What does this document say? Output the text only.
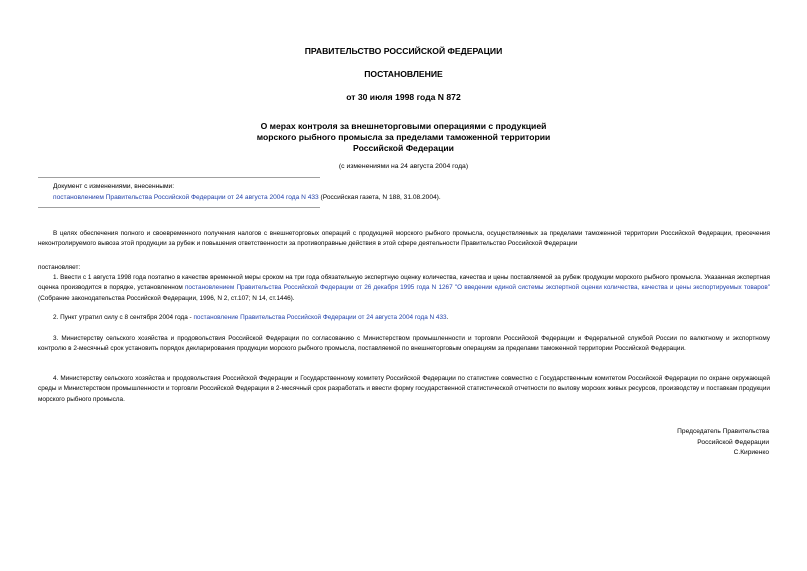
ПРАВИТЕЛЬСТВО РОССИЙСКОЙ ФЕДЕРАЦИИ
ПОСТАНОВЛЕНИЕ
от 30 июля 1998 года N 872
О мерах контроля за внешнеторговыми операциями с продукцией
морского рыбного промысла за пределами таможенной территории
Российской Федерации
(с изменениями на 24 августа 2004 года)
Документ с изменениями, внесенными:
постановлением Правительства Российской Федерации от 24 августа 2004 года N 433 (Российская газета, N 188, 31.08.2004).
В целях обеспечения полного и своевременного получения налогов с внешнеторговых операций с продукцией морского рыбного промысла, осуществляемых за пределами таможенной территории Российской Федерации, пресечения неконтролируемого вывоза этой продукции за рубеж и повышения ответственности за противоправные действия в этой сфере деятельности Правительство Российской Федерации
постановляет:
1. Ввести с 1 августа 1998 года поэтапно в качестве временной меры сроком на три года обязательную экспертную оценку количества, качества и цены поставляемой за рубеж продукции морского рыбного промысла. Указанная экспертная оценка производится в порядке, установленном постановлением Правительства Российской Федерации от 26 декабря 1995 года N 1267 "О введении единой системы экспертной оценки количества, качества и цены экспортируемых товаров" (Собрание законодательства Российской Федерации, 1996, N 2, ст.107; N 14, ст.1446).
2. Пункт утратил силу с 8 сентября 2004 года - постановление Правительства Российской Федерации от 24 августа 2004 года N 433.
3. Министерству сельского хозяйства и продовольствия Российской Федерации по согласованию с Министерством промышленности и торговли Российской Федерации и Федеральной службой России по валютному и экспортному контролю в 2-месячный срок установить порядок декларирования продукции морского рыбного промысла, поставляемой по внешнеторговым операциям за пределами таможенной территории Российской Федерации.
4. Министерству сельского хозяйства и продовольствия Российской Федерации и Государственному комитету Российской Федерации по статистике совместно с Государственным комитетом Российской Федерации по охране окружающей среды и Министерством промышленности и торговли Российской Федерации в 2-месячный срок разработать и ввести форму государственной статистической отчетности по вылову морских живых ресурсов, производству и поставкам продукции морского рыбного промысла.
Председатель Правительства
Российской Федерации
С.Кириенко
